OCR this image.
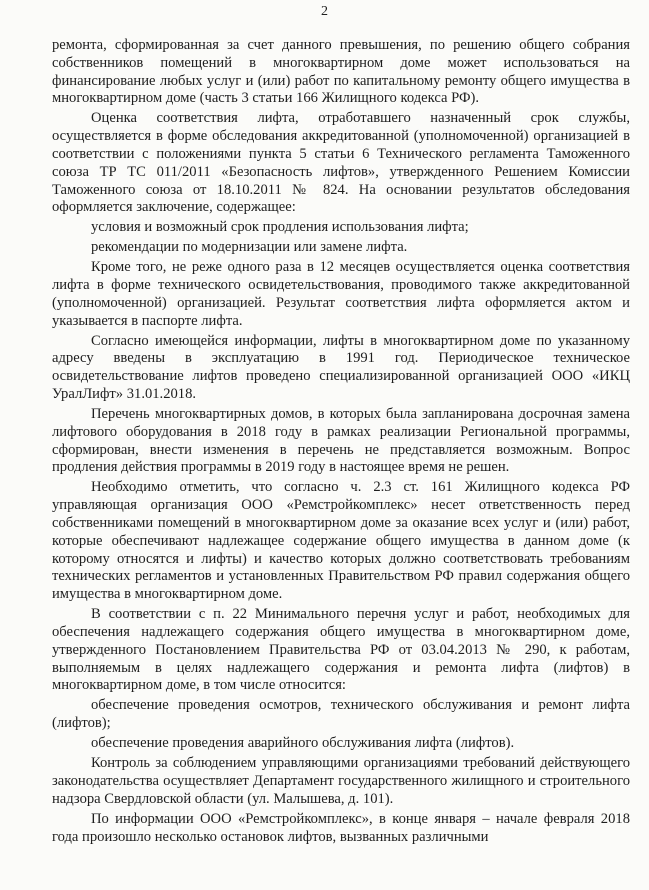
2

ремонта, сформированная за счет данного превышения, по решению общего собрания собственников помещений в многоквартирном доме может использоваться на финансирование любых услуг и (или) работ по капитальному ремонту общего имущества в многоквартирном доме (часть 3 статьи 166 Жилищного кодекса РФ).

Оценка соответствия лифта, отработавшего назначенный срок службы, осуществляется в форме обследования аккредитованной (уполномоченной) организацией в соответствии с положениями пункта 5 статьи 6 Технического регламента Таможенного союза ТР ТС 011/2011 «Безопасность лифтов», утвержденного Решением Комиссии Таможенного союза от 18.10.2011 № 824. На основании результатов обследования оформляется заключение, содержащее:

условия и возможный срок продления использования лифта;

рекомендации по модернизации или замене лифта.

Кроме того, не реже одного раза в 12 месяцев осуществляется оценка соответствия лифта в форме технического освидетельствования, проводимого также аккредитованной (уполномоченной) организацией. Результат соответствия лифта оформляется актом и указывается в паспорте лифта.

Согласно имеющейся информации, лифты в многоквартирном доме по указанному адресу введены в эксплуатацию в 1991 год. Периодическое техническое освидетельствование лифтов проведено специализированной организацией ООО «ИКЦ УралЛифт» 31.01.2018.

Перечень многоквартирных домов, в которых была запланирована досрочная замена лифтового оборудования в 2018 году в рамках реализации Региональной программы, сформирован, внести изменения в перечень не представляется возможным. Вопрос продления действия программы в 2019 году в настоящее время не решен.

Необходимо отметить, что согласно ч. 2.3 ст. 161 Жилищного кодекса РФ управляющая организация ООО «Ремстройкомплекс» несет ответственность перед собственниками помещений в многоквартирном доме за оказание всех услуг и (или) работ, которые обеспечивают надлежащее содержание общего имущества в данном доме (к которому относятся и лифты) и качество которых должно соответствовать требованиям технических регламентов и установленных Правительством РФ правил содержания общего имущества в многоквартирном доме.

В соответствии с п. 22 Минимального перечня услуг и работ, необходимых для обеспечения надлежащего содержания общего имущества в многоквартирном доме, утвержденного Постановлением Правительства РФ от 03.04.2013 № 290, к работам, выполняемым в целях надлежащего содержания и ремонта лифта (лифтов) в многоквартирном доме, в том числе относится:

обеспечение проведения осмотров, технического обслуживания и ремонт лифта (лифтов);

обеспечение проведения аварийного обслуживания лифта (лифтов).

Контроль за соблюдением управляющими организациями требований действующего законодательства осуществляет Департамент государственного жилищного и строительного надзора Свердловской области (ул. Малышева, д. 101).

По информации ООО «Ремстройкомплекс», в конце января – начале февраля 2018 года произошло несколько остановок лифтов, вызванных различными
